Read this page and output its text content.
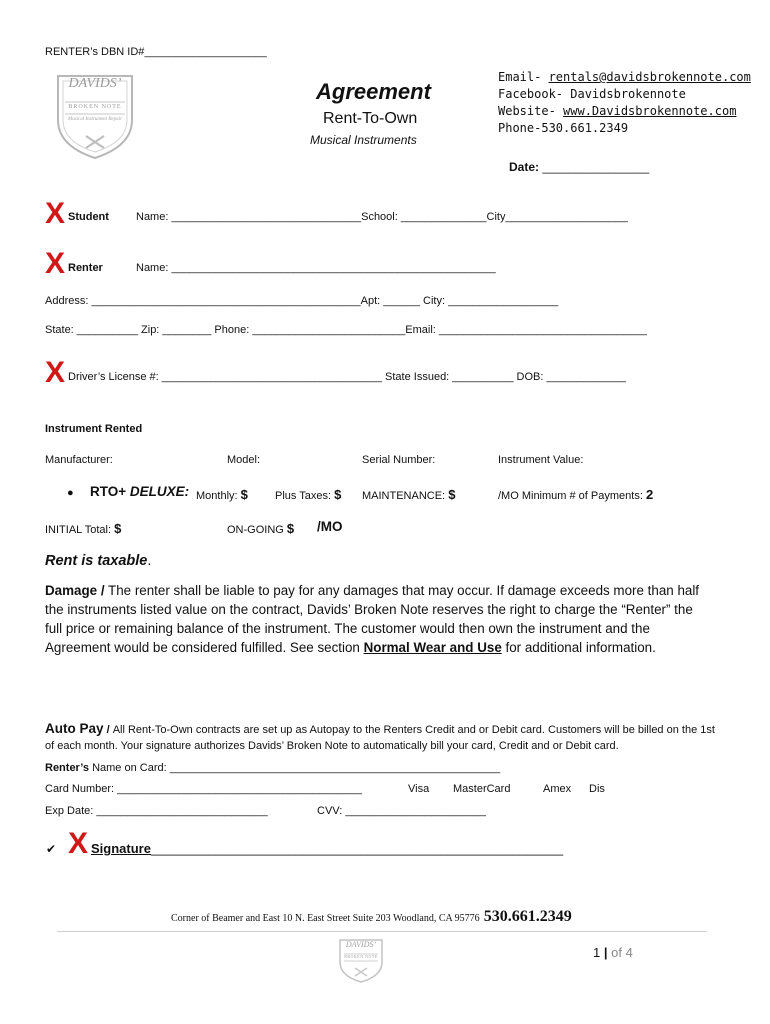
RENTER’s DBN ID#____________________
DAVIDS’
BROKEN NOTE
Musical Instrument Repair
Agreement
Rent-To-Own
Musical Instruments
Email- rentals@davidsbrokennote.com
Facebook- Davidsbrokennote
Website- www.Davidsbrokennote.com
Phone-530.661.2349
Date: ________________
X Student Name: _______________________________School: ______________City____________________
X Renter	Name: _____________________________________________________
Address: ____________________________________________Apt: ______ City: __________________
State: __________ Zip: ________ Phone: _________________________Email: __________________________________
X Driver’s License #: ____________________________________ State Issued: __________ DOB: _____________
Instrument Rented
Manufacturer:	Model:	Serial Number:	Instrument Value:
● RTO+ DELUXE: Monthly: $ Plus Taxes: $ MAINTENANCE: $	/MO Minimum # of Payments: 2
INITIAL Total: $	ON-GOING $ /MO
Rent is taxable.
Damage / The renter shall be liable to pay for any damages that may occur. If damage exceeds more than half the instruments listed value on the contract, Davids’ Broken Note reserves the right to charge the “Renter” the full price or remaining balance of the instrument. The customer would then own the instrument and the Agreement would be considered fulfilled. See section Normal Wear and Use for additional information.
Auto Pay / All Rent-To-Own contracts are set up as Autopay to the Renters Credit and or Debit card. Customers will be billed on the 1st of each month. Your signature authorizes Davids’ Broken Note to automatically bill your card, Credit and or Debit card.
Renter’s Name on Card: ______________________________________________________
Card Number: ________________________________________	Visa MasterCard	Amex Dis
Exp Date: ____________________________	CVV: _______________________
✔ X Signature_________________________________________________________
Corner of Beamer and East 10 N. East Street Suite 203 Woodland, CA 95776 530.661.2349
DAVIDS’
BROKEN NOTE	1 | of 4
